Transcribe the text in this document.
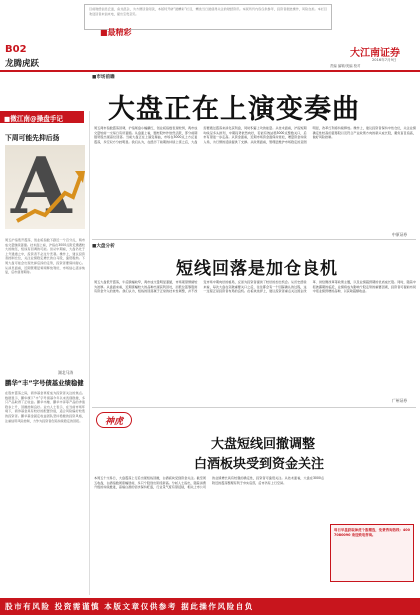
B02
龙腾虎跃
目前财经信息泛滥，鱼龙混杂，为方便读者阅读，本版特开辟“最精彩”栏目，精选当日最值得关注的财经资讯。本版所刊内容仅供参考，投资者据此操作，风险自担。本栏目欢迎读者来信来电，提出宝贵意见。
■最精彩
大江南证券
2016年7月9日
责编 编辑/美编 校对
■微江南@操盘手记
下周可能先抑后扬
A
周五沪指低开震荡，创业板指数下跌近一个百分点，两市成交量继续萎缩。技术面上看，沪指在3000点附近遭遇较大的抛压，短线有回调的可能。但从中期看，大盘仍处于上升通道之中，投资者不必过分悲观。操作上，建议投资者控制仓位，关注业绩稳定增长的白马股，逢低吸纳。下周大盘可能会出现先抑后扬的走势，投资者要保持耐心。从消息面看，近期管理层频频释放利好，市场信心逐步恢复，后市值得期待。
湖北马涛
鹏华“丰”字号债基业绩稳健
在股市震荡之际，债券基金再度成为投资者关注的焦点。数据显示，鹏华旗下“丰”字号债基今年以来表现稳健，多只产品取得了正收益。鹏华丰融、鹏华丰泽等产品的净值稳步上升，回撤控制良好。业内人士表示，在当前市场环境下，债券基金具有较好的配置价值，适合风险偏好较低的投资者。鹏华基金固定收益团队坚持稳健的投资风格，注重信用风险控制，力争为投资者创造持续稳定的回报。
■市场前瞻
大盘正在上演变奏曲
周五两市指数震荡回调，沪指尾盘小幅翻红，创业板指数表现较弱，两市成交量较前一交易日有所萎缩。从盘面上看，题材股炒作依然活跃，部分前期强势股出现高位回落。当前大盘正在上演变奏曲，市场在3000点上方反复震荡，多空双方分歧明显。我们认为，在经历了前期的持续上涨之后，大盘需要通过震荡来消化获利盘，同时积蓄上攻的能量。从技术面看，沪指短期均线呈多头排列，中期趋势依然向好，若能有效站稳3000点整数关口，后市有望进一步走高。从资金面看，近期市场资金面保持宽松，增量资金持续入场，为行情的延续提供了支撑。从政策面看，管理层维护市场稳定的意图明显，改革红利将持续释放。操作上，建议投资者保持中性仓位，关注业绩确定性较高的蓝筹股以及符合产业政策方向的新兴成长股，避免盲目追高，做好风险控制。
中原证券
■大盘分析
短线回落是加仓良机
周五大盘低开震荡，午后跌幅收窄，两市成交量明显萎缩，市场观望情绪较为浓厚。从盘面来看，近期涨幅较大的品种出现获利回吐，而低位蓝筹股则有资金介入的迹象。我们认为，短线的回落属于正常的技术性调整，并不改变市场中期向好的格局，反而为投资者提供了较好的加仓机会。从历史经验来看，每次大盘在突破重要关口之后，往往都会有一个回踩确认的过程，这一过程正是投资者布局的良机。在板块选择上，建议投资者重点关注国企改革、供给侧改革等政策主题，以及业绩超预期的优质成长股。同时，随着中报披露期的临近，业绩将成为影响个股走势的重要因素，投资者可提前布局中报业绩预增的品种，以获取超额收益。
广州证券
神虎
大盘短线回撤调整
白酒板块受到资金关注
本周五个交易日，大盘震荡上行后出现短线回撤，白酒板块受到资金关注。截至周五收盘，白酒指数周涨幅居前，多只个股创出阶段新高。分析人士指出，随着消费升级的持续推进，高端白酒的需求保持旺盛，行业景气度有望延续，相关上市公司的业绩增长具有较强的确定性，投资者可逢低关注。从技术面看，大盘在3000点附近的震荡整理有利于夯实底部，后市仍有上行空间。
每日早盘获取神虎个股精选，免费咨询热线：4007080090 欢迎致电咨询。
股市有风险 投资需谨慎 本版文章仅供参考 据此操作风险自负
